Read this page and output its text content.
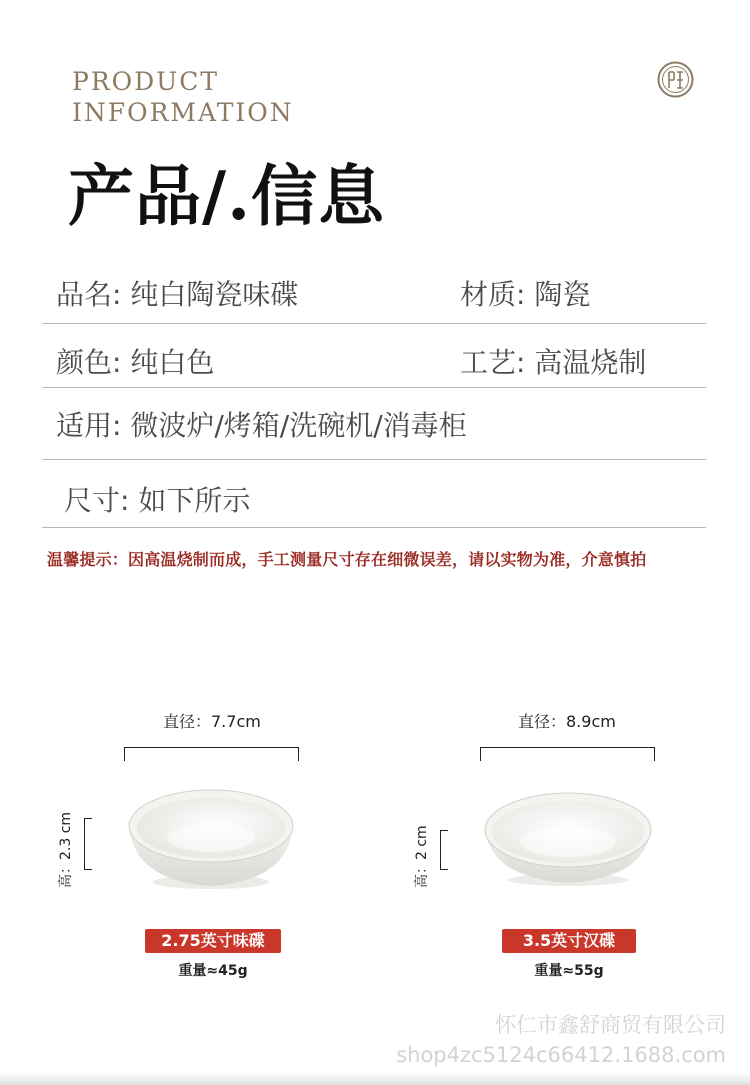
PRODUCT
INFORMATION
产品/.信息
品名: 纯白陶瓷味碟	材质: 陶瓷
颜色: 纯白色	工艺: 高温烧制
适用: 微波炉/烤箱/洗碗机/消毒柜
尺寸: 如下所示
温馨提示：因高温烧制而成，手工测量尺寸存在细微误差，请以实物为准，介意慎拍
直径：7.7cm
高：2.3 cm
2.75英寸味碟
重量≈45g
直径：8.9cm
高：2 cm
3.5英寸汉碟
重量≈55g
怀仁市鑫舒商贸有限公司
shop4zc5124c66412.1688.com
